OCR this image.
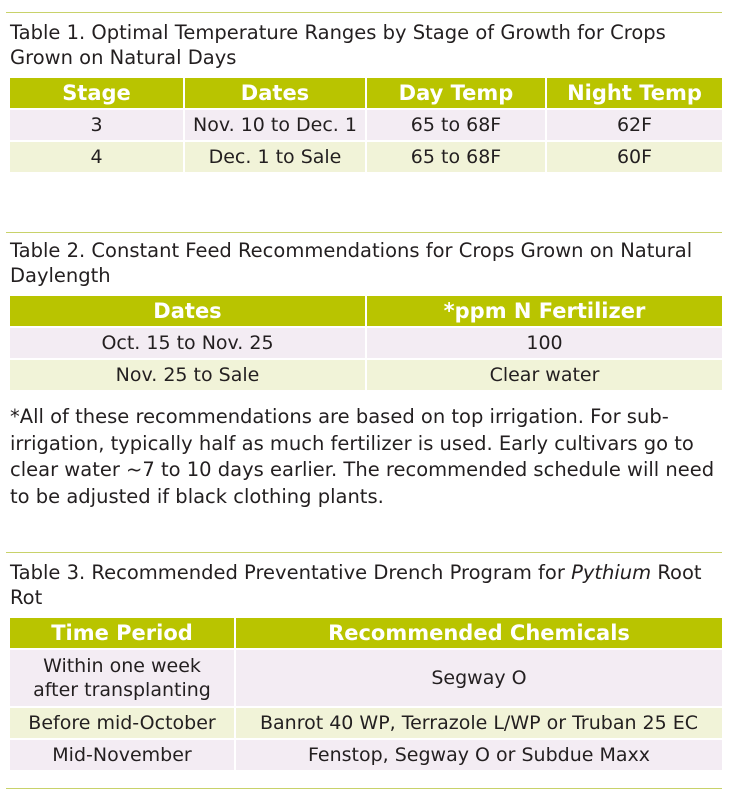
Table 1. Optimal Temperature Ranges by Stage of Growth for Crops Grown on Natural Days
Stage	Dates	Day Temp	Night Temp
3	Nov. 10 to Dec. 1	65 to 68F	62F
4	Dec. 1 to Sale	65 to 68F	60F
Table 2. Constant Feed Recommendations for Crops Grown on Natural Daylength
Dates	*ppm N Fertilizer
Oct. 15 to Nov. 25	100
Nov. 25 to Sale	Clear water
*All of these recommendations are based on top irrigation. For sub-irrigation, typically half as much fertilizer is used. Early cultivars go to clear water ~7 to 10 days earlier. The recommended schedule will need to be adjusted if black clothing plants.
Table 3. Recommended Preventative Drench Program for Pythium Root Rot
Time Period	Recommended Chemicals
Within one week after transplanting	Segway O
Before mid-October	Banrot 40 WP, Terrazole L/WP or Truban 25 EC
Mid-November	Fenstop, Segway O or Subdue Maxx
